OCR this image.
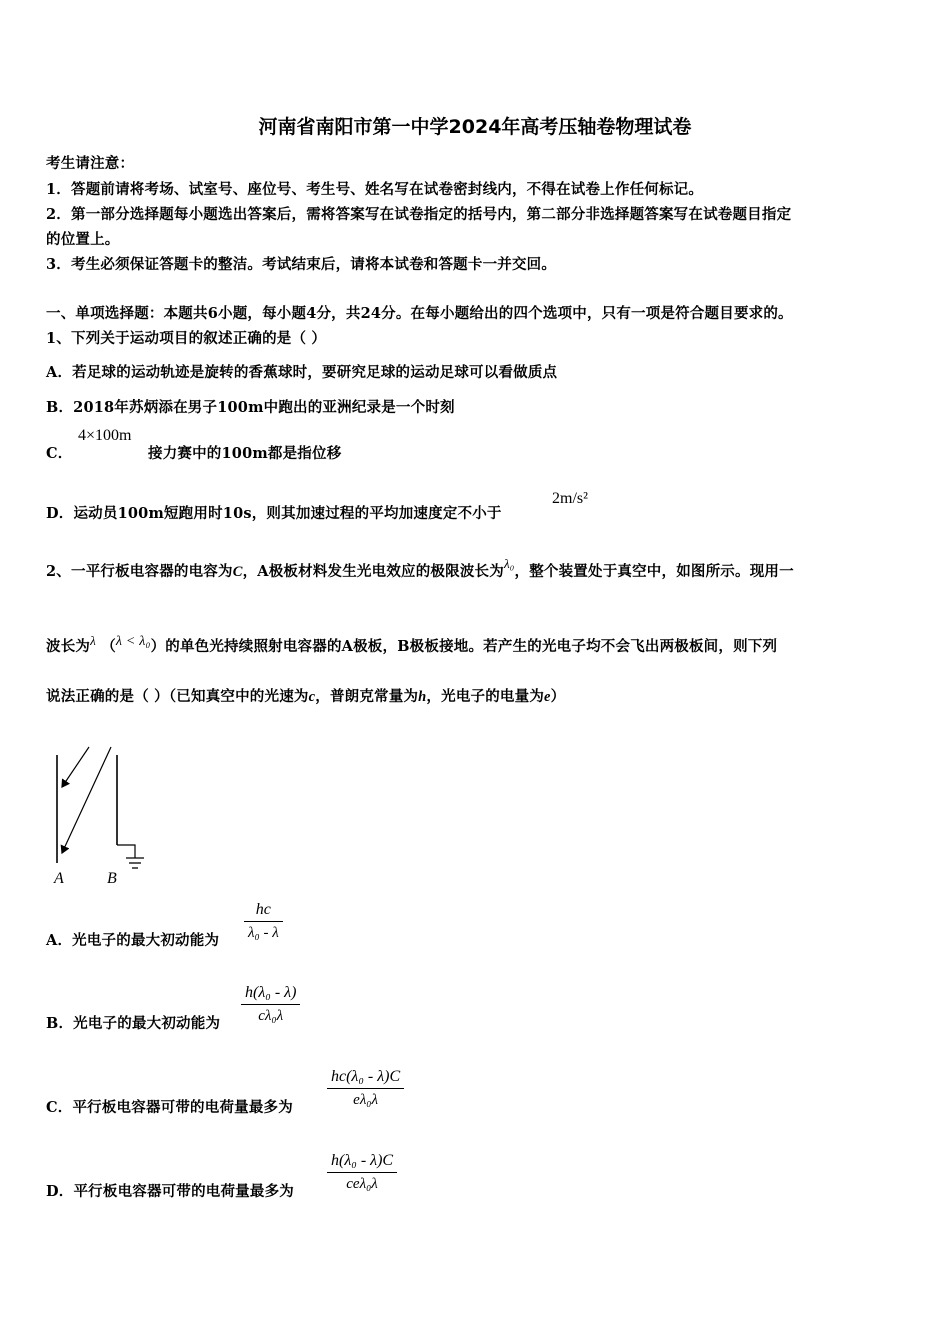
河南省南阳市第一中学2024年高考压轴卷物理试卷
考生请注意：
1．答题前请将考场、试室号、座位号、考生号、姓名写在试卷密封线内，不得在试卷上作任何标记。
2．第一部分选择题每小题选出答案后，需将答案写在试卷指定的括号内，第二部分非选择题答案写在试卷题目指定
的位置上。
3．考生必须保证答题卡的整洁。考试结束后，请将本试卷和答题卡一并交回。
一、单项选择题：本题共6小题，每小题4分，共24分。在每小题给出的四个选项中，只有一项是符合题目要求的。
1、下列关于运动项目的叙述正确的是（ ）
A．若足球的运动轨迹是旋转的香蕉球时，要研究足球的运动足球可以看做质点
B．2018年苏炳添在男子100m中跑出的亚洲纪录是一个时刻
C．
4×100m
接力赛中的100m都是指位移
D．运动员100m短跑用时10s，则其加速过程的平均加速度定不小于
2m/s²
2、一平行板电容器的电容为C，A极板材料发生光电效应的极限波长为λ₀，整个装置处于真空中，如图所示。现用一
波长为λ （λ < λ₀）的单色光持续照射电容器的A极板，B极板接地。若产生的光电子均不会飞出两极板间，则下列
说法正确的是（ ）（已知真空中的光速为c，普朗克常量为h，光电子的电量为e）
A	B
A．光电子的最大初动能为 $\frac{hc}{\text{λ₀ - λ}}$
B．光电子的最大初动能为 $\frac{\text{h(λ₀ - λ)}}{\text{cλ₀λ}}$
C．平行板电容器可带的电荷量最多为 $\frac{\text{hc(λ₀ - λ)C}}{\text{eλ₀λ}}$
D．平行板电容器可带的电荷量最多为
h(λ₀ - λ)C
ceλ₀λ
